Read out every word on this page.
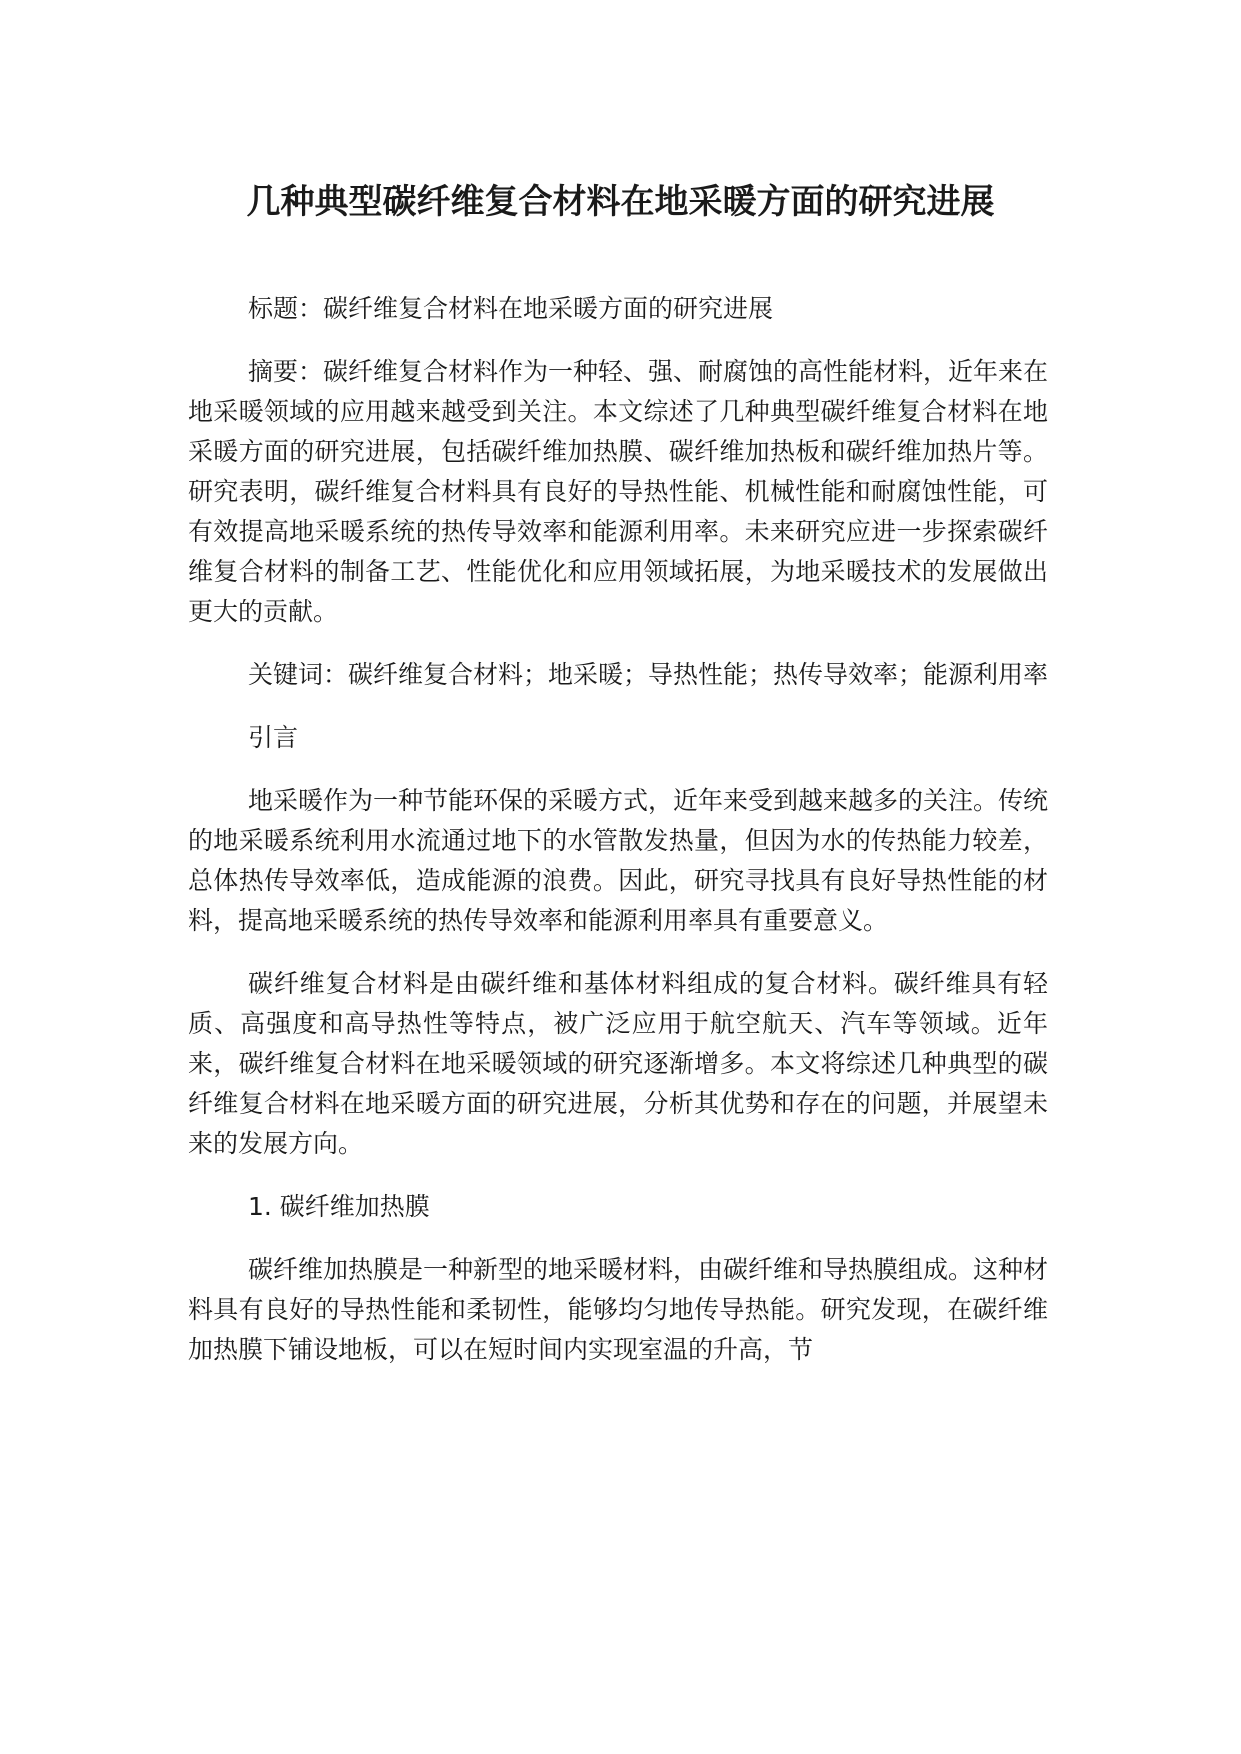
几种典型碳纤维复合材料在地采暖方面的研究进展

标题：碳纤维复合材料在地采暖方面的研究进展

摘要：碳纤维复合材料作为一种轻、强、耐腐蚀的高性能材料，近年来在地采暖领域的应用越来越受到关注。本文综述了几种典型碳纤维复合材料在地采暖方面的研究进展，包括碳纤维加热膜、碳纤维加热板和碳纤维加热片等。研究表明，碳纤维复合材料具有良好的导热性能、机械性能和耐腐蚀性能，可有效提高地采暖系统的热传导效率和能源利用率。未来研究应进一步探索碳纤维复合材料的制备工艺、性能优化和应用领域拓展，为地采暖技术的发展做出更大的贡献。

关键词：碳纤维复合材料；地采暖；导热性能；热传导效率；能源利用率

引言

地采暖作为一种节能环保的采暖方式，近年来受到越来越多的关注。传统的地采暖系统利用水流通过地下的水管散发热量，但因为水的传热能力较差，总体热传导效率低，造成能源的浪费。因此，研究寻找具有良好导热性能的材料，提高地采暖系统的热传导效率和能源利用率具有重要意义。

碳纤维复合材料是由碳纤维和基体材料组成的复合材料。碳纤维具有轻质、高强度和高导热性等特点，被广泛应用于航空航天、汽车等领域。近年来，碳纤维复合材料在地采暖领域的研究逐渐增多。本文将综述几种典型的碳纤维复合材料在地采暖方面的研究进展，分析其优势和存在的问题，并展望未来的发展方向。

1. 碳纤维加热膜

碳纤维加热膜是一种新型的地采暖材料，由碳纤维和导热膜组成。这种材料具有良好的导热性能和柔韧性，能够均匀地传导热能。研究发现，在碳纤维加热膜下铺设地板，可以在短时间内实现室温的升高，节
